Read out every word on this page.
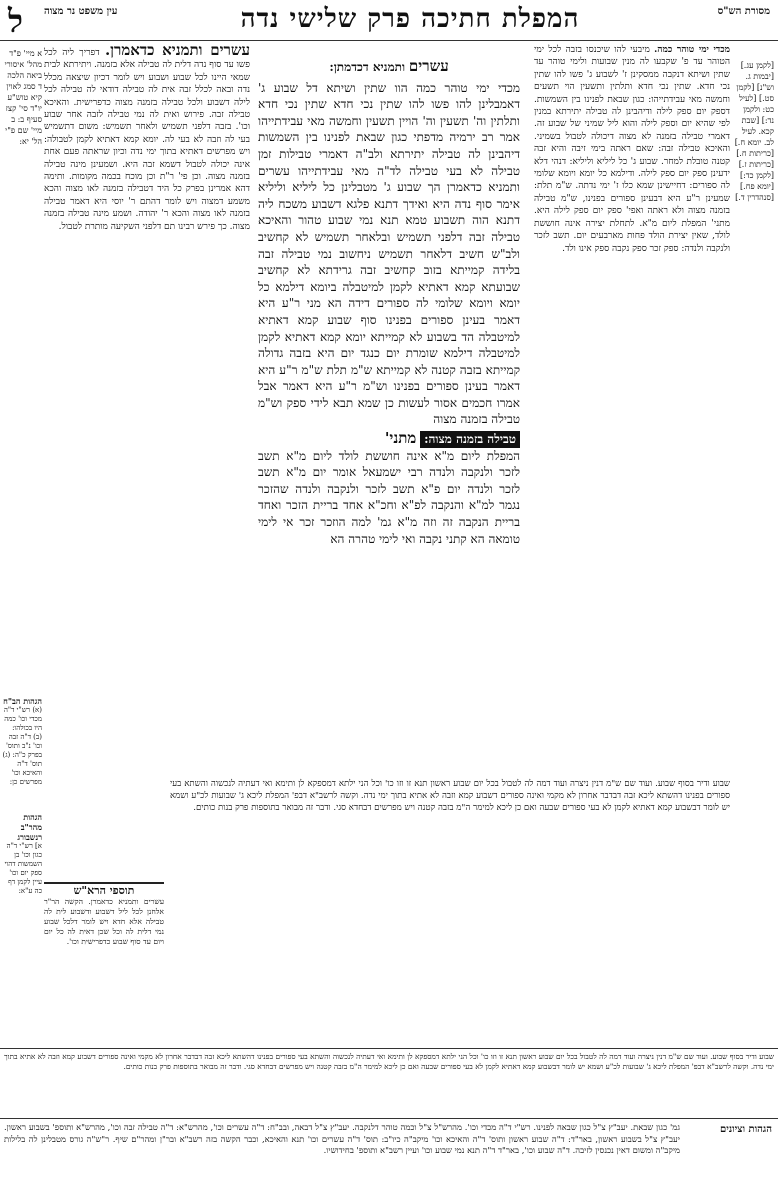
מסורת הש"ס
המפלת חתיכה פרק שלישי נדה
עין משפט נר מצוה
ל
[לקמן עג.] [יבמות ג. וש"נ] [לקמן סט.] [לעיל כט: ולקמן נד:] [שבת קכא. לעיל לב. יומא ח.] [כריתות ח.] [כריתות ז.] [לקמן כד:] [יומא פח.] [סנהדרין ד.]

מכדי ימי טוהר כמה. מיבעי להו שיכנסו בזבה לכל ימי הטוהר עד פ' שקבעו לה מנין שבועות ולימי טוהר עד שתין ושיתא דנקבה ממסקינן ז' לשבוע ג' פשו להו שתין נכי חדא. שתין נכי חדא ותלתין ותשעין הוי תשעים וחמשה מאי עבידתייהו: כגון שבאת לפנינו בין השמשות. דספק יום ספק לילה ודיהבינן לה טבילה יתירתא במנין לפי שהיא יום וספק לילה והוא ליל שמיני של שבוע זה. דאמרי טבילה בזמנה לא מצוה דיכולה לטבול בשמיני. והאיכא טבילה זבה: שאם ראתה בימי זיבה והיא זבה קטנה טובלת למחר. שבוע ג' כל ליליא וליליא: דנהי דלא ידעינן ספק יום ספק לילה. ודילמא כל יומא ויומא שלומי לה ספורים: דחיישינן שמא כלו ז' ימי נדתה. ש"מ תלת: שמעינן ר"ע היא דבעינן ספורים בפנינו, ש"מ טבילה בזמנה מצוה ולא ראתה ואפי' ספק יום ספק לילה היא. מתני' המפלת ליום מ"א. לתחלת יצירה אינה חוששת לולד, שאין יצירת הולד פחות מארבעים יום. תשב לזכר ולנקבה ולנדה: ספק זכר ספק נקבה ספק אינו ולד.

עשרים ותמניא דכדמתן:

מכדי ימי טוהר כמה הוו שתין ושיתא דל שבוע ג' דאמבלינן להו פשו להו שתין נכי חדא שתין נכי חדא ותלתין וה' תשעין וה' הויין תשעין וחמשה מאי עבידתייהו אמר רב ירמיה מדפתי כגון שבאת לפנינו בין השמשות דיהבינן לה טבילה יתירתא ולב"ה דאמרי טבילות זמן טבילה לא בעי טבילה לד"ה מאי עבידתייהו עשרים ותמניא כדאמרן הך שבוע ג' מטבלינן כל ליליא וליליא אימר סוף נדה היא ואידך דתנא פלגא דשבוע משכח ליה דתנא הוה תשבוע טמא תנא נמי שבוע טהור והאיכא טבילה זבה דלפני תשמיש ובלאחר תשמיש לא קחשיב ולב"ש חשיב דלאחר תשמיש ניחשוב נמי טבילה זבה בלידה קמייתא בזוב קחשיב זבה גרידתא לא קחשיב שבועתא קמא דאתיא לקמן למיטבלה ביומא דילמא כל יומא ויומא שלומי לה ספורים דידה הא מני ר"ע היא דאמר בעינן ספורים בפנינו סוף שבוע קמא דאתיא למיטבלה הד בשבוע לא קמייתא יומא קמא דאתיא לקמן למיטבלה דילמא שומרת יום כנגד יום היא בזבה גדולה קמייתא בזבה קטנה לא קמייתא ש"מ תלת ש"מ ר"ע היא דאמר בעינן ספורים בפנינו וש"מ ר"ע היא דאמר אבל אמרו חכמים אסור לעשות כן שמא תבא לידי ספק וש"מ טבילה בזמנה מצוה

טבילה בזמנה מצוה: מתני'

המפלת ליום מ"א אינה חוששת לולד ליום מ"א תשב לזכר ולנקבה ולנדה רבי ישמעאל אומר יום מ"א תשב לזכר ולנדה יום פ"א תשב לזכר ולנקבה ולנדה שהזכר נגמר למ"א והנקבה לפ"א וחכ"א אחד בריית הזכר ואחד בריית הנקבה זה וזה מ"א גמ' למה הוזכר זכר אי לימי טומאה הא קתני נקבה ואי לימי טהרה הא

עשרים ותמניא כדאמרן. דפריך ליה לכל פשו עד סוף נדה דלית לה טבילה אלא בזמנה. ויתירתא לבית שמאי היינו לכל שבוע ושבוע ויש לומר דכיון שיצאה מכלל נדה ובאה לכלל זבה אית לה טבילה דודאי לה טבילה לכל לילה דשבוע ולכל טבילה בזמנה מצוה כדפרישית. והאיכא טבילה זבה. פירוש ואית לה נמי טבילה לזבה אחר שבוע וכו'. בזבה דלפני תשמיש ולאחר תשמיש: משום דתשמיש בעי לה וזבה לא בעי לה. יומא קמא דאתיא לקמן לטבולה: ויש מפרשים דאתיא בתוך ימי נדה וכיון שראתה פעם אחת אינה יכולה לטבול דשמא זבה היא. ושמעינן מינה טבילה בזמנה מצוה. וכן פי' ר"ת וכן מוכח בכמה מקומות. ותימה דהא אמרינן בפרק כל היד דטבילה בזמנה לאו מצוה והכא משמע דמצוה ויש לומר דהתם ר' יוסי היא דאמר טבילה בזמנה לאו מצוה והכא ר' יהודה. ושמע מינה טבילה בזמנה מצוה. כך פירש רבינו תם דלפני השקיעה מותרת לטבול.

א מיי' פ"ד מהל' איסורי ביאה הלכה ד סמג לאוין קיא טוש"ע יו"ד סי' קצז סעיף ב: ב מיי' שם פ"י הל' יא:
הגהות הב"ח
(א) רש"י ד"ה מכדי וכו' כמה היו בכולהו: (ב) ד"ה זבה וכו' נ"ב ותוס' בפרק כ"ה: (ג) תוס' ד"ה והאיכא וכו' מפרשים כן:
הגהות מהר"ב רנשבורג
א] רש"י ד"ה כגון וכו' בן השמשות דהוי ספק יום וכו' עיין לקמן דף כה ע"א:

שבוע ודיר בסוף שבוע. ועוד שם ש"מ דנין ניצרה ועוד דמה לה לטבול בכל יום שבוע ראשון תנא זו וזו כו' וכל הני ילתא דמספקא לן ותימא ואי דעתיה לנכשוה והשתא בעי ספורים בפנינו דהשתא ליכא זבה דבדבר אחרון לא מקמי ואינה ספורים דשבוע קמא וזבה לא אתיא בתוך ימי נדה. וקשה לרשב"א דבפ' המפלת ליכא ג' שבועות לכ"ע ושמא יש לומר דבשבוע קמא דאתיא לקמן לא בעי ספורים שבעה ואם כן ליכא למימר ה"מ בזבה קטנה ויש מפרשים דבחדא סגי. ודבר זה מבואר בתוספות פרק בנות כותים.

תוספי הרא"ש
עשרים ותמניא כדאמרן. הקשה הר"ר אלחנן לכל ליל דשבוע ודשבוע לית לה טבילה אלא חדא ויש לומר דלכל שבוע נמי דלית לה וכל שכן דאית לה כל יום ויום עד סוף שבוע כדפרישית וכו'.
שבוע ודיר בסוף שבוע. ועוד שם ש"מ דנין ניצרה ועוד דמה לה לטבול בכל יום שבוע ראשון תנא זו וזו כו' וכל הני ילתא דמספקא לן ותימא ואי דעתיה לנכשוה והשתא בעי ספורים בפנינו דהשתא ליכא זבה דבדבר אחרון לא מקמי ואינה ספורים דשבוע קמא וזבה לא אתיא בתוך ימי נדה. וקשה לרשב"א דבפ' המפלת ליכא ג' שבועות לכ"ע ושמא יש לומר דבשבוע קמא דאתיא לקמן לא בעי ספורים שבעה ואם כן ליכא למימר ה"מ בזבה קטנה ויש מפרשים דבחדא סגי. ודבר זה מבואר בתוספות פרק בנות כותים.
הגהות וציונים
גמ' כגון שבאת. יעב"ץ צ"ל כגון שבאה לפנינו. רש"י ד"ה מכדי וכו'. מהרש"ל צ"ל וכמה טוהר דלנקבה. יעב"ץ צ"ל דבאה, ובב"ח: ד"ה עשרים וכו', מהרש"א: ד"ה טבילה זבה וכו', מהרש"א ותוספ' בשבוע ראשון. יעב"ץ צ"ל בשבוע ראשון, באר"ד: ד"ה שבוע ראשון ותוס' ד"ה והאיכא וכו' מיקב"ה כיו"ב: תוס' ד"ה עשרים וכו' תנא והאיכא, וכבר הקשה בזה רשב"א ובר"ן ומהר"ם שיף. ר"ש"ה גורס מטבלינן לה בלילות מיקב"ה ומשום דאין נכנסין לזיבה. ד"ה שבוע וכו', באר"ד ד"ה תנא נמי שבוע וכו' ועיין רשב"א ותוספ' בחידושיו.
